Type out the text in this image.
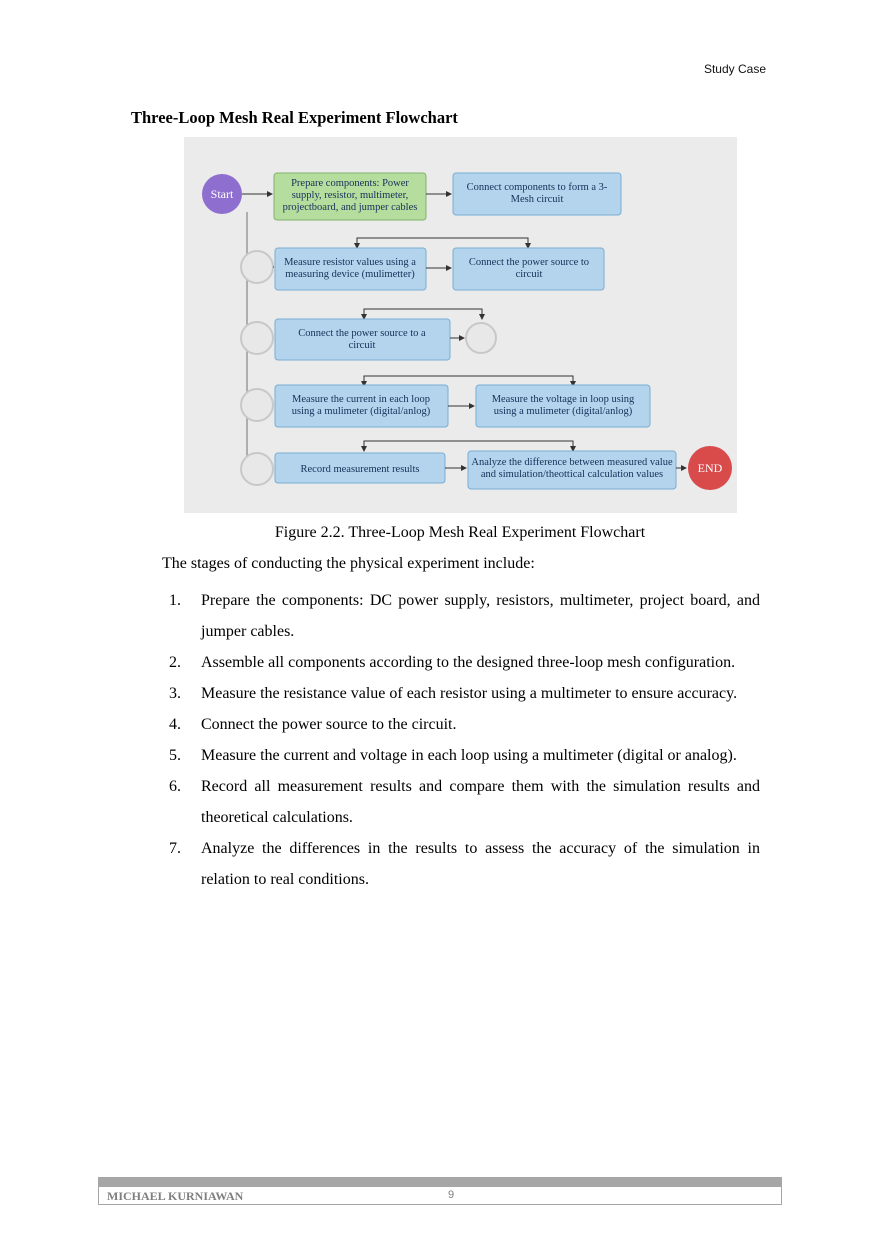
Study Case
Three-Loop Mesh Real Experiment Flowchart
Start
Prepare components: Power supply, resistor, multimeter, projectboard, and jumper cables
Connect components to form a 3-Mesh circuit
Measure resistor values using a measuring device (mulimetter)
Connect the power source to circuit
Connect the power source to a circuit
Measure the current in each loop using a mulimeter (digital/anlog)
Measure the voltage in loop using using a mulimeter (digital/anlog)
Record measurement results
Analyze the difference between measured value and simulation/theottical calculation values	END
Figure 2.2. Three-Loop Mesh Real Experiment Flowchart
The stages of conducting the physical experiment include:
1.	Prepare the components: DC power supply, resistors, multimeter, project board, and jumper cables.
2.	Assemble all components according to the designed three-loop mesh configuration.
3.	Measure the resistance value of each resistor using a multimeter to ensure accuracy.
4.	Connect the power source to the circuit.
5.	Measure the current and voltage in each loop using a multimeter (digital or analog).
6.	Record all measurement results and compare them with the simulation results and theoretical calculations.
7.	Analyze the differences in the results to assess the accuracy of the simulation in relation to real conditions.
MICHAEL KURNIAWAN	9
